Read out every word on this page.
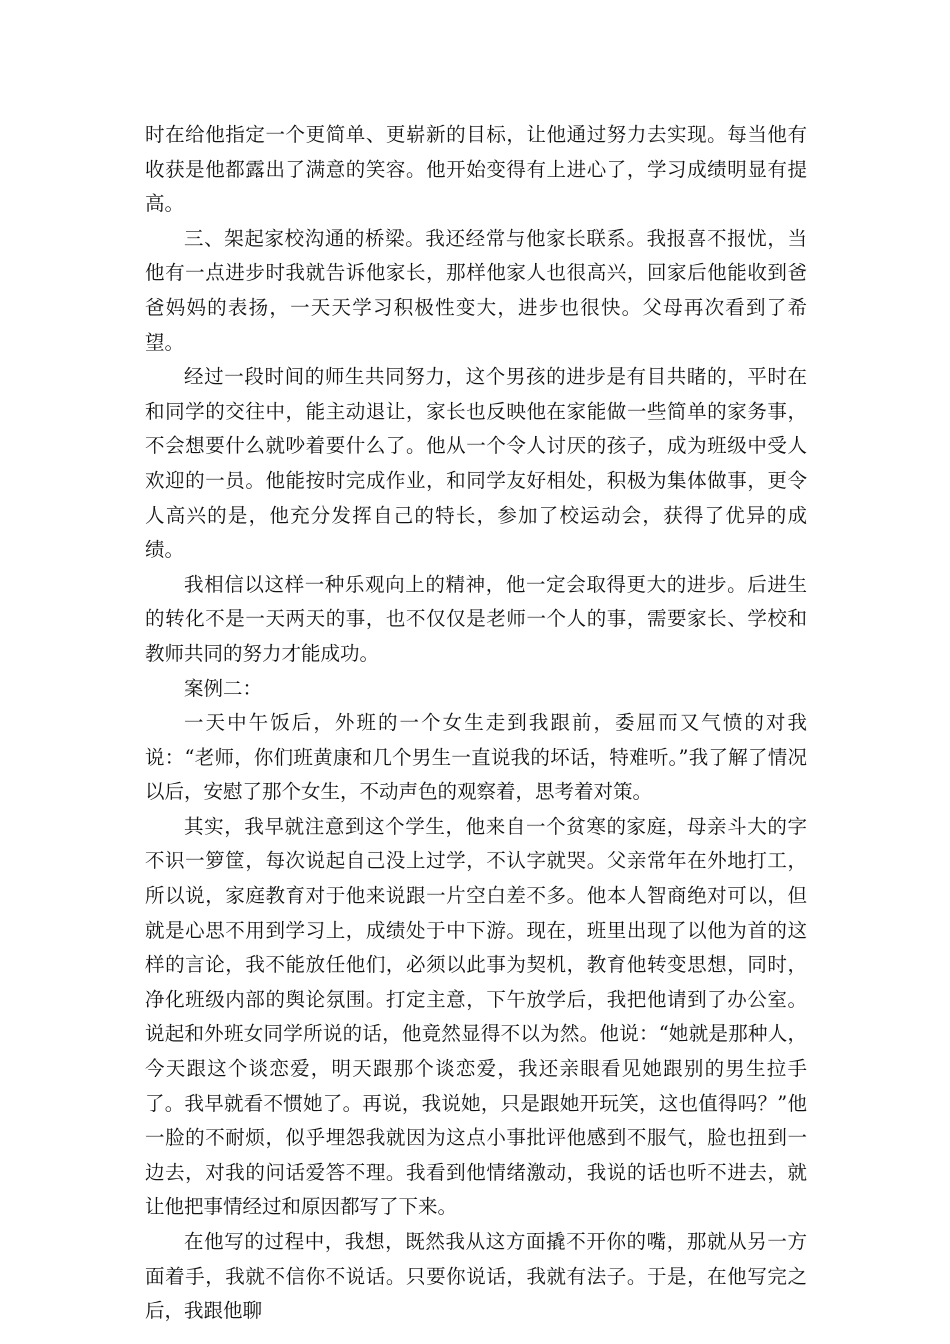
时在给他指定一个更简单、更崭新的目标，让他通过努力去实现。每当他有收获是他都露出了满意的笑容。他开始变得有上进心了，学习成绩明显有提高。

三、架起家校沟通的桥梁。我还经常与他家长联系。我报喜不报忧，当他有一点进步时我就告诉他家长，那样他家人也很高兴，回家后他能收到爸爸妈妈的表扬，一天天学习积极性变大，进步也很快。父母再次看到了希望。

经过一段时间的师生共同努力，这个男孩的进步是有目共睹的，平时在和同学的交往中，能主动退让，家长也反映他在家能做一些简单的家务事，不会想要什么就吵着要什么了。他从一个令人讨厌的孩子，成为班级中受人欢迎的一员。他能按时完成作业，和同学友好相处，积极为集体做事，更令人高兴的是，他充分发挥自己的特长，参加了校运动会，获得了优异的成绩。

我相信以这样一种乐观向上的精神，他一定会取得更大的进步。后进生的转化不是一天两天的事，也不仅仅是老师一个人的事，需要家长、学校和教师共同的努力才能成功。

案例二：

一天中午饭后，外班的一个女生走到我跟前，委屈而又气愤的对我说：“老师，你们班黄康和几个男生一直说我的坏话，特难听。”我了解了情况以后，安慰了那个女生，不动声色的观察着，思考着对策。

其实，我早就注意到这个学生，他来自一个贫寒的家庭，母亲斗大的字不识一箩筐，每次说起自己没上过学，不认字就哭。父亲常年在外地打工，所以说，家庭教育对于他来说跟一片空白差不多。他本人智商绝对可以，但就是心思不用到学习上，成绩处于中下游。现在，班里出现了以他为首的这样的言论，我不能放任他们，必须以此事为契机，教育他转变思想，同时，净化班级内部的舆论氛围。打定主意，下午放学后，我把他请到了办公室。说起和外班女同学所说的话，他竟然显得不以为然。他说：“她就是那种人，今天跟这个谈恋爱，明天跟那个谈恋爱，我还亲眼看见她跟别的男生拉手了。我早就看不惯她了。再说，我说她，只是跟她开玩笑，这也值得吗？”他一脸的不耐烦，似乎埋怨我就因为这点小事批评他感到不服气，脸也扭到一边去，对我的问话爱答不理。我看到他情绪激动，我说的话也听不进去，就让他把事情经过和原因都写了下来。

在他写的过程中，我想，既然我从这方面撬不开你的嘴，那就从另一方面着手，我就不信你不说话。只要你说话，我就有法子。于是，在他写完之后，我跟他聊
